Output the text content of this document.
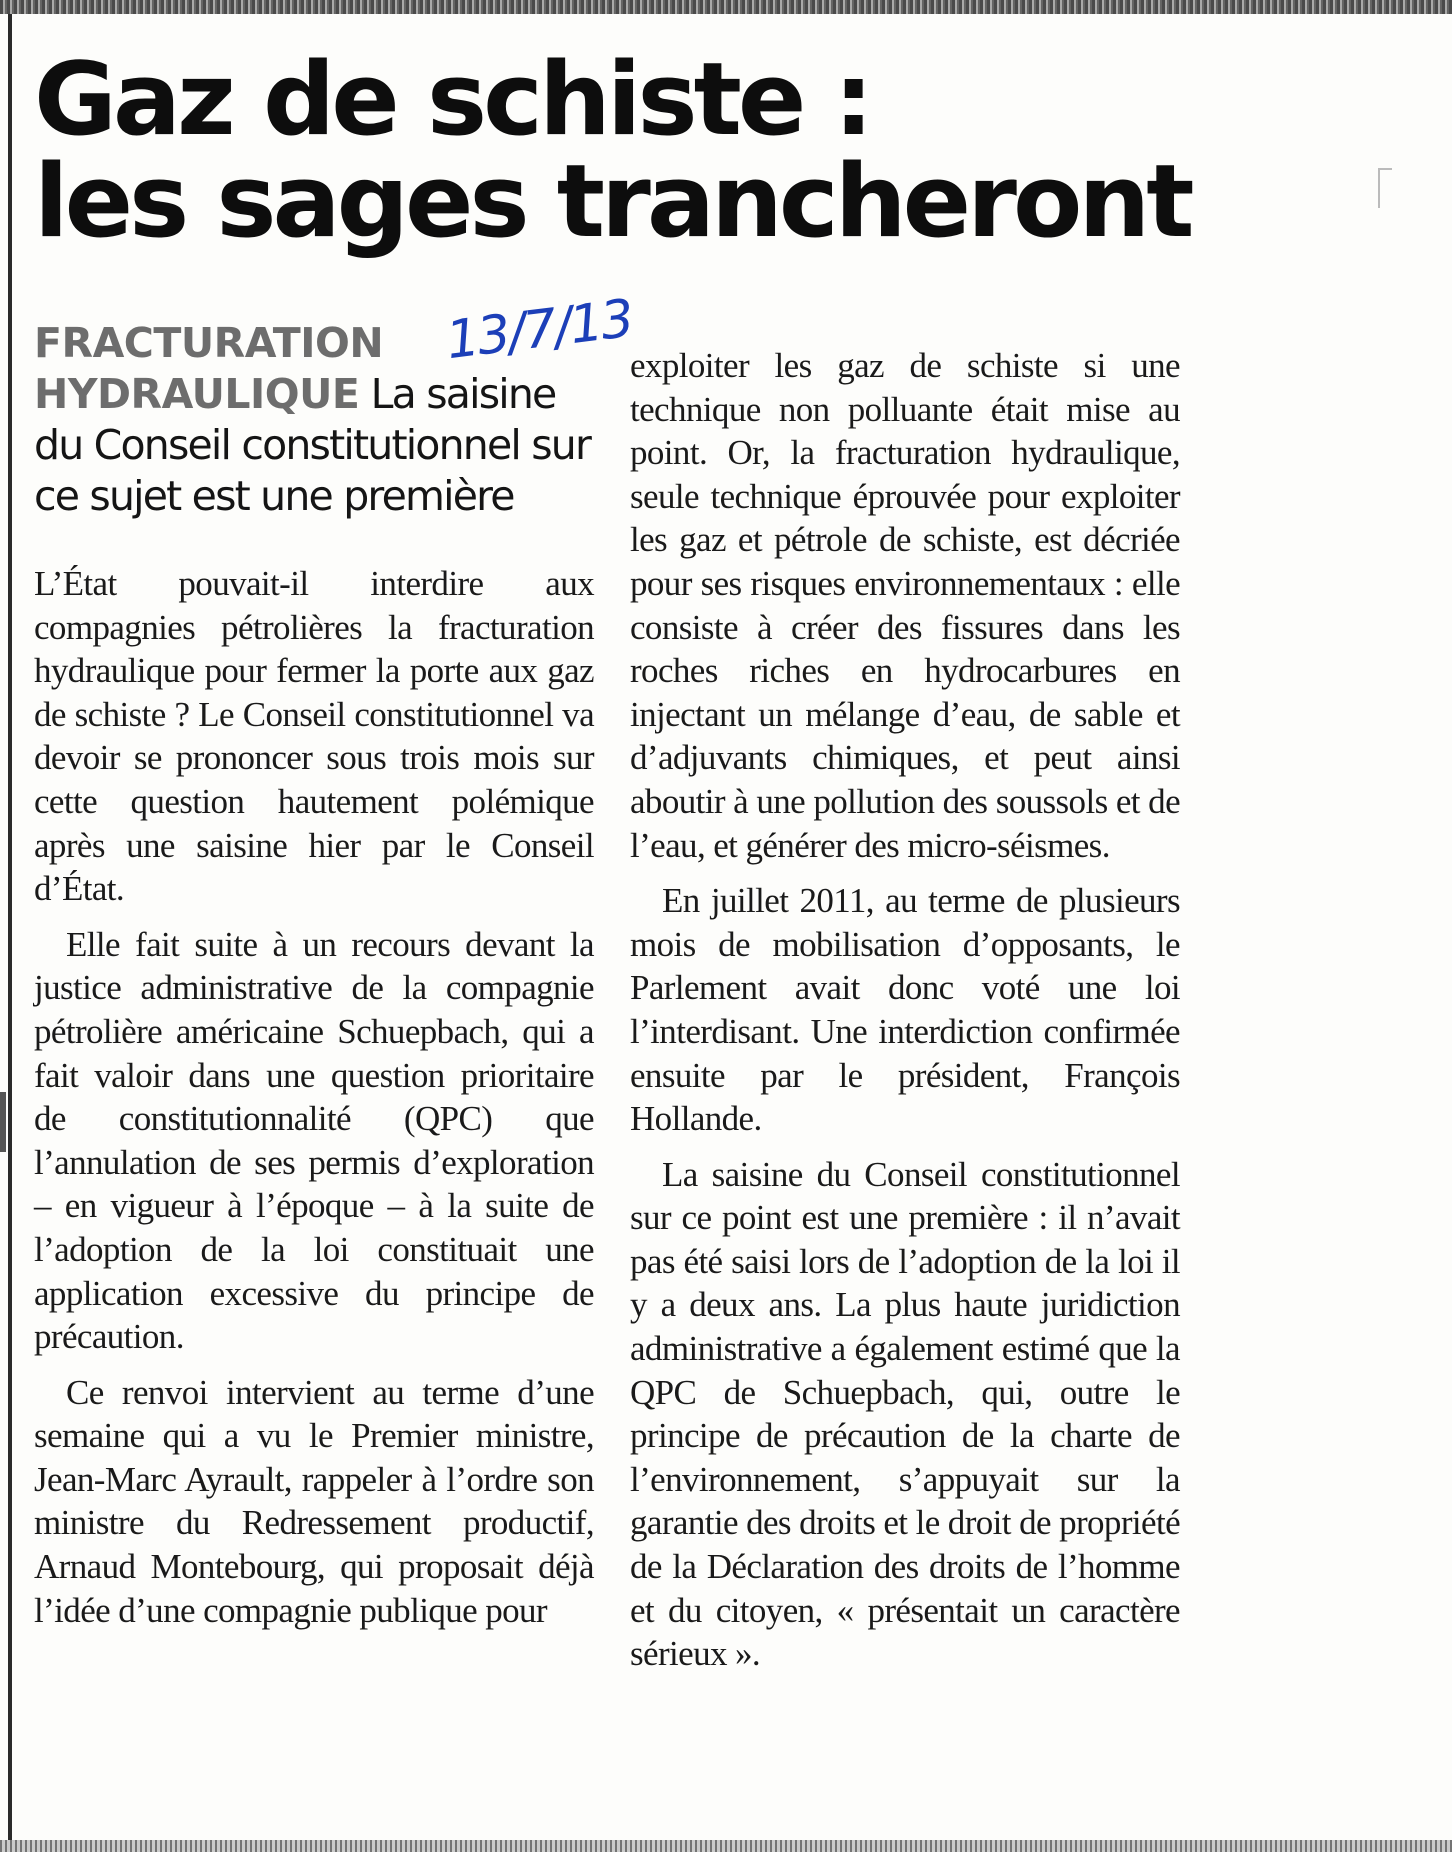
Gaz de schiste :
les sages trancheront
13/7/13

FRACTURATION HYDRAULIQUE La saisine du Conseil constitutionnel sur ce sujet est une première

L’État pouvait-il interdire aux compagnies pétrolières la fracturation hydraulique pour fermer la porte aux gaz de schiste ? Le Conseil constitutionnel va devoir se prononcer sous trois mois sur cette question hautement polémique après une saisine hier par le Conseil d’État.

Elle fait suite à un recours devant la justice administrative de la compagnie pétrolière américaine Schuepbach, qui a fait valoir dans une question prioritaire de constitutionnalité (QPC) que l’annulation de ses permis d’exploration – en vigueur à l’époque – à la suite de l’adoption de la loi constituait une application excessive du principe de précaution.

Ce renvoi intervient au terme d’une semaine qui a vu le Premier ministre, Jean-Marc Ayrault, rappeler à l’ordre son ministre du Redressement productif, Arnaud Montebourg, qui proposait déjà l’idée d’une compagnie publique pour

exploiter les gaz de schiste si une technique non polluante était mise au point. Or, la fracturation hydraulique, seule technique éprouvée pour exploiter les gaz et pétrole de schiste, est décriée pour ses risques environnementaux : elle consiste à créer des fissures dans les roches riches en hydrocarbures en injectant un mélange d’eau, de sable et d’adjuvants chimiques, et peut ainsi aboutir à une pollution des soussols et de l’eau, et générer des micro-séismes.

En juillet 2011, au terme de plusieurs mois de mobilisation d’opposants, le Parlement avait donc voté une loi l’interdisant. Une interdiction confirmée ensuite par le président, François Hollande.

La saisine du Conseil constitutionnel sur ce point est une première : il n’avait pas été saisi lors de l’adoption de la loi il y a deux ans. La plus haute juridiction administrative a également estimé que la QPC de Schuepbach, qui, outre le principe de précaution de la charte de l’environnement, s’appuyait sur la garantie des droits et le droit de propriété de la Déclaration des droits de l’homme et du citoyen, « présentait un caractère sérieux ».
